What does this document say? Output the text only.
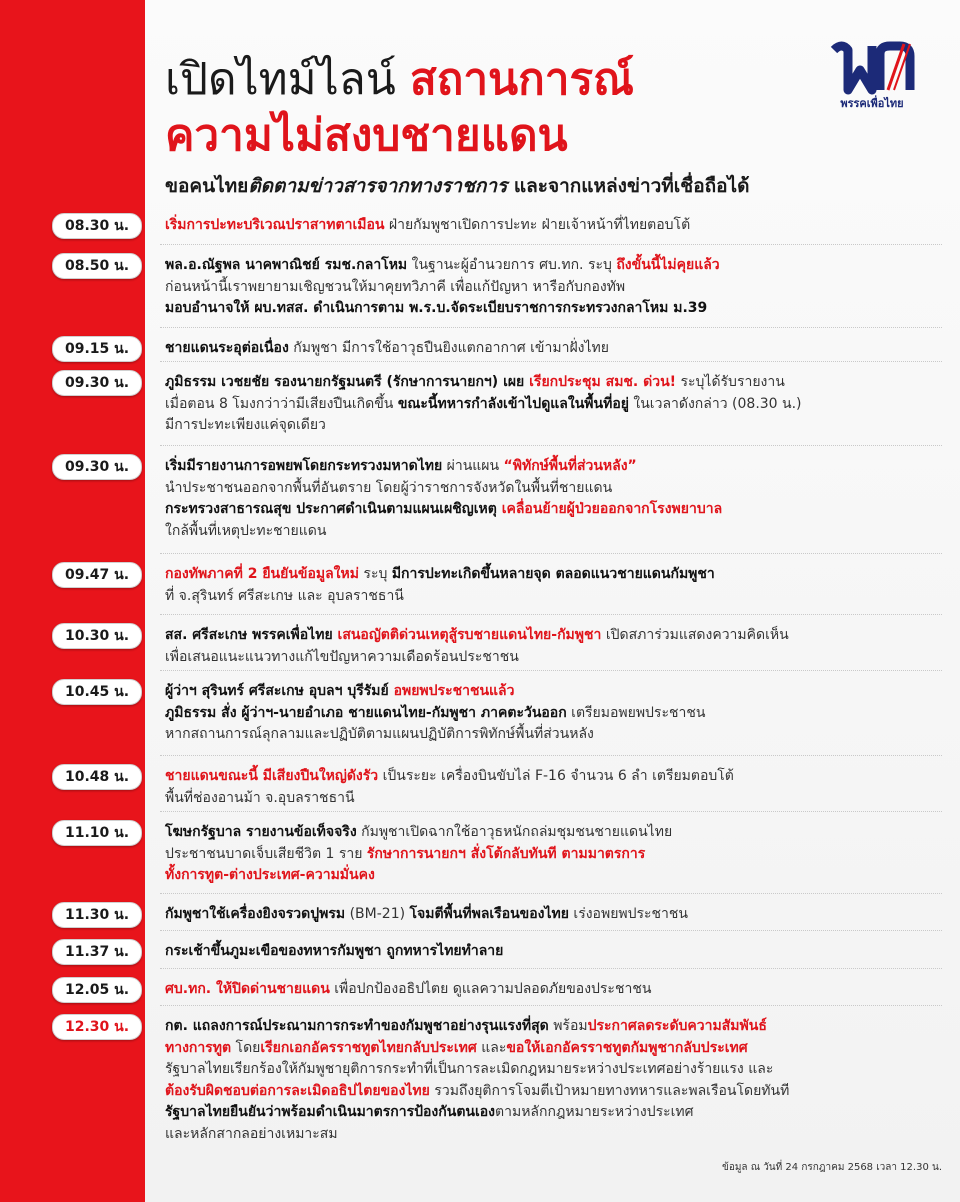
เปิดไทม์ไลน์ สถานการณ์
ความไม่สงบชายแดน
ขอคนไทยติดตามข่าวสารจากทางราชการ และจากแหล่งข่าวที่เชื่อถือได้
พรรคเพื่อไทย
08.30 น.	เริ่มการปะทะบริเวณปราสาทตาเมือน ฝ่ายกัมพูชาเปิดการปะทะ ฝ่ายเจ้าหน้าที่ไทยตอบโต้
08.50 น.	พล.อ.ณัฐพล นาคพาณิชย์ รมช.กลาโหม ในฐานะผู้อำนวยการ ศบ.ทก. ระบุ ถึงขั้นนี้ไม่คุยแล้ว
ก่อนหน้านี้เราพยายามเชิญชวนให้มาคุยทวิภาคี เพื่อแก้ปัญหา หารือกับกองทัพ
มอบอำนาจให้ ผบ.ทสส. ดำเนินการตาม พ.ร.บ.จัดระเบียบราชการกระทรวงกลาโหม ม.39
09.15 น.	ชายแดนระอุต่อเนื่อง กัมพูชา มีการใช้อาวุธปืนยิงแตกอากาศ เข้ามาฝั่งไทย
09.30 น.	ภูมิธรรม เวชยชัย รองนายกรัฐมนตรี (รักษาการนายกฯ) เผย เรียกประชุม สมช. ด่วน! ระบุได้รับรายงาน
เมื่อตอน 8 โมงกว่าว่ามีเสียงปืนเกิดขึ้น ขณะนี้ทหารกำลังเข้าไปดูแลในพื้นที่อยู่ ในเวลาดังกล่าว (08.30 น.)
มีการปะทะเพียงแค่จุดเดียว
09.30 น.	เริ่มมีรายงานการอพยพโดยกระทรวงมหาดไทย ผ่านแผน “พิทักษ์พื้นที่ส่วนหลัง”
นำประชาชนออกจากพื้นที่อันตราย โดยผู้ว่าราชการจังหวัดในพื้นที่ชายแดน
กระทรวงสาธารณสุข ประกาศดำเนินตามแผนเผชิญเหตุ เคลื่อนย้ายผู้ป่วยออกจากโรงพยาบาล
ใกล้พื้นที่เหตุปะทะชายแดน
09.47 น.	กองทัพภาคที่ 2 ยืนยันข้อมูลใหม่ ระบุ มีการปะทะเกิดขึ้นหลายจุด ตลอดแนวชายแดนกัมพูชา
ที่ จ.สุรินทร์ ศรีสะเกษ และ อุบลราชธานี
10.30 น.	สส. ศรีสะเกษ พรรคเพื่อไทย เสนอญัตติด่วนเหตุสู้รบชายแดนไทย-กัมพูชา เปิดสภาร่วมแสดงความคิดเห็น
เพื่อเสนอแนะแนวทางแก้ไขปัญหาความเดือดร้อนประชาชน
10.45 น.	ผู้ว่าฯ สุรินทร์ ศรีสะเกษ อุบลฯ บุรีรัมย์ อพยพประชาชนแล้ว
ภูมิธรรม สั่ง ผู้ว่าฯ-นายอำเภอ ชายแดนไทย-กัมพูชา ภาคตะวันออก เตรียมอพยพประชาชน
หากสถานการณ์ลุกลามและปฏิบัติตามแผนปฏิบัติการพิทักษ์พื้นที่ส่วนหลัง
10.48 น.	ชายแดนขณะนี้ มีเสียงปืนใหญ่ดังรัว เป็นระยะ เครื่องบินขับไล่ F-16 จำนวน 6 ลำ เตรียมตอบโต้
พื้นที่ช่องอานม้า จ.อุบลราชธานี
11.10 น.	โฆษกรัฐบาล รายงานข้อเท็จจริง กัมพูชาเปิดฉากใช้อาวุธหนักถล่มชุมชนชายแดนไทย
ประชาชนบาดเจ็บเสียชีวิต 1 ราย รักษาการนายกฯ สั่งโต้กลับทันที ตามมาตรการ
ทั้งการทูต-ต่างประเทศ-ความมั่นคง
11.30 น.	กัมพูชาใช้เครื่องยิงจรวดปูพรม (BM-21) โจมตีพื้นที่พลเรือนของไทย เร่งอพยพประชาชน
11.37 น.	กระเช้าขึ้นภูมะเขือของทหารกัมพูชา ถูกทหารไทยทำลาย
12.05 น.	ศบ.ทก. ให้ปิดด่านชายแดน เพื่อปกป้องอธิปไตย ดูแลความปลอดภัยของประชาชน
12.30 น.	กต. แถลงการณ์ประณามการกระทำของกัมพูชาอย่างรุนแรงที่สุด พร้อมประกาศลดระดับความสัมพันธ์
ทางการทูต โดยเรียกเอกอัครราชทูตไทยกลับประเทศ และขอให้เอกอัครราชทูตกัมพูชากลับประเทศ
รัฐบาลไทยเรียกร้องให้กัมพูชายุติการกระทำที่เป็นการละเมิดกฎหมายระหว่างประเทศอย่างร้ายแรง และ
ต้องรับผิดชอบต่อการละเมิดอธิปไตยของไทย รวมถึงยุติการโจมตีเป้าหมายทางทหารและพลเรือนโดยทันที
รัฐบาลไทยยืนยันว่าพร้อมดำเนินมาตรการป้องกันตนเองตามหลักกฎหมายระหว่างประเทศ
และหลักสากลอย่างเหมาะสม
ข้อมูล ณ วันที่ 24 กรกฎาคม 2568 เวลา 12.30 น.
